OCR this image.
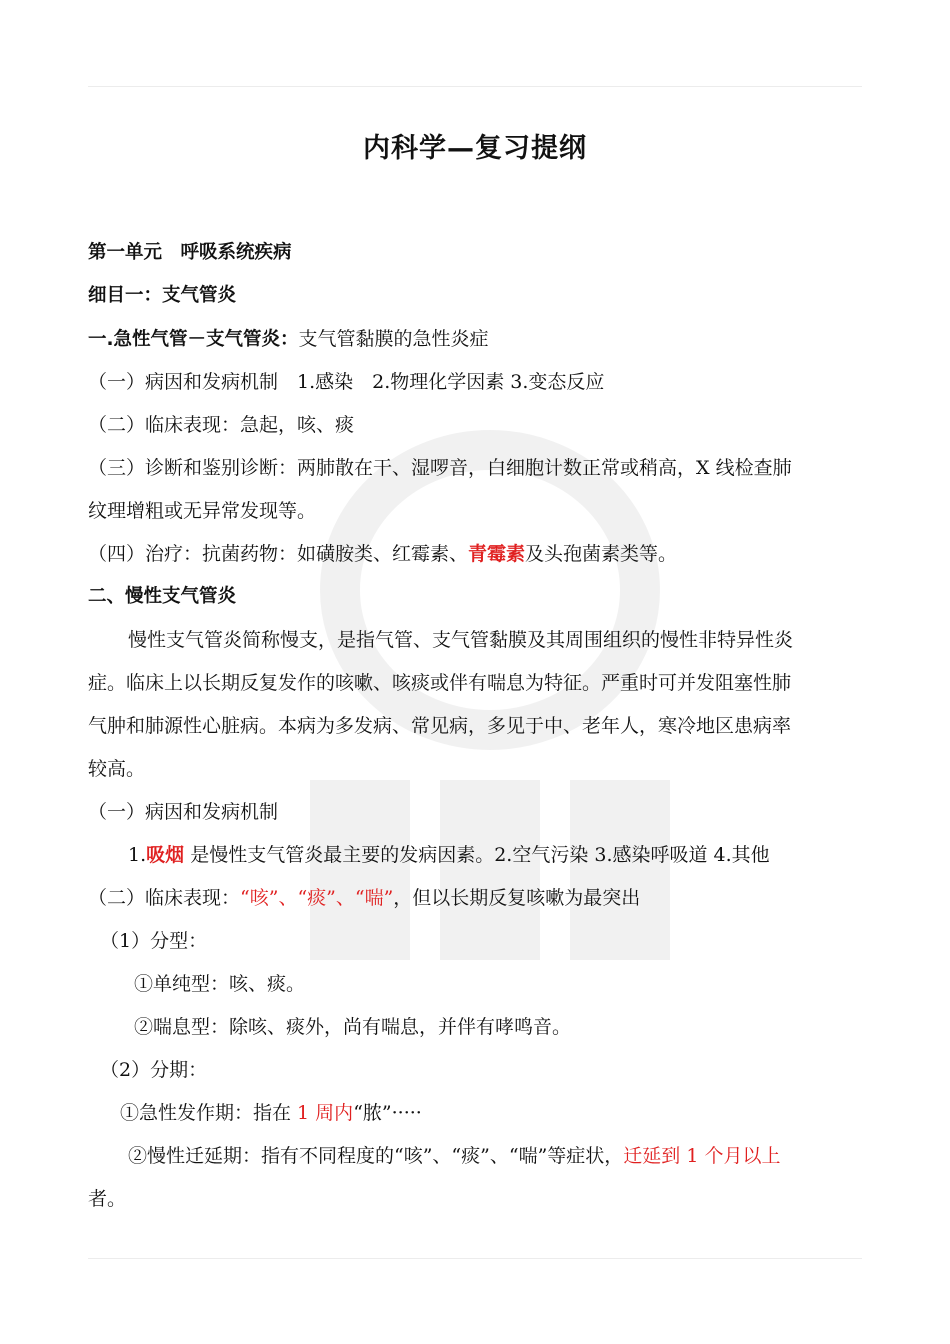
内科学—复习提纲
第一单元　呼吸系统疾病
细目一：支气管炎
一.急性气管－支气管炎：支气管黏膜的急性炎症
（一）病因和发病机制　1.感染　2.物理化学因素 3.变态反应
（二）临床表现：急起，咳、痰
（三）诊断和鉴别诊断：两肺散在干、湿啰音，白细胞计数正常或稍高，X 线检查肺
纹理增粗或无异常发现等。
（四）治疗：抗菌药物：如磺胺类、红霉素、青霉素及头孢菌素类等。
二、慢性支气管炎
慢性支气管炎简称慢支，是指气管、支气管黏膜及其周围组织的慢性非特异性炎
症。临床上以长期反复发作的咳嗽、咳痰或伴有喘息为特征。严重时可并发阻塞性肺
气肿和肺源性心脏病。本病为多发病、常见病，多见于中、老年人，寒冷地区患病率
较高。
（一）病因和发病机制
1.吸烟 是慢性支气管炎最主要的发病因素。2.空气污染 3.感染呼吸道 4.其他
（二）临床表现：“咳”、“痰”、“喘”，但以长期反复咳嗽为最突出
（1）分型：
①单纯型：咳、痰。
②喘息型：除咳、痰外，尚有喘息，并伴有哮鸣音。
（2）分期：
①急性发作期：指在 1 周内“脓”·····
②慢性迁延期：指有不同程度的“咳”、“痰”、“喘”等症状，迁延到 1 个月以上
者。
